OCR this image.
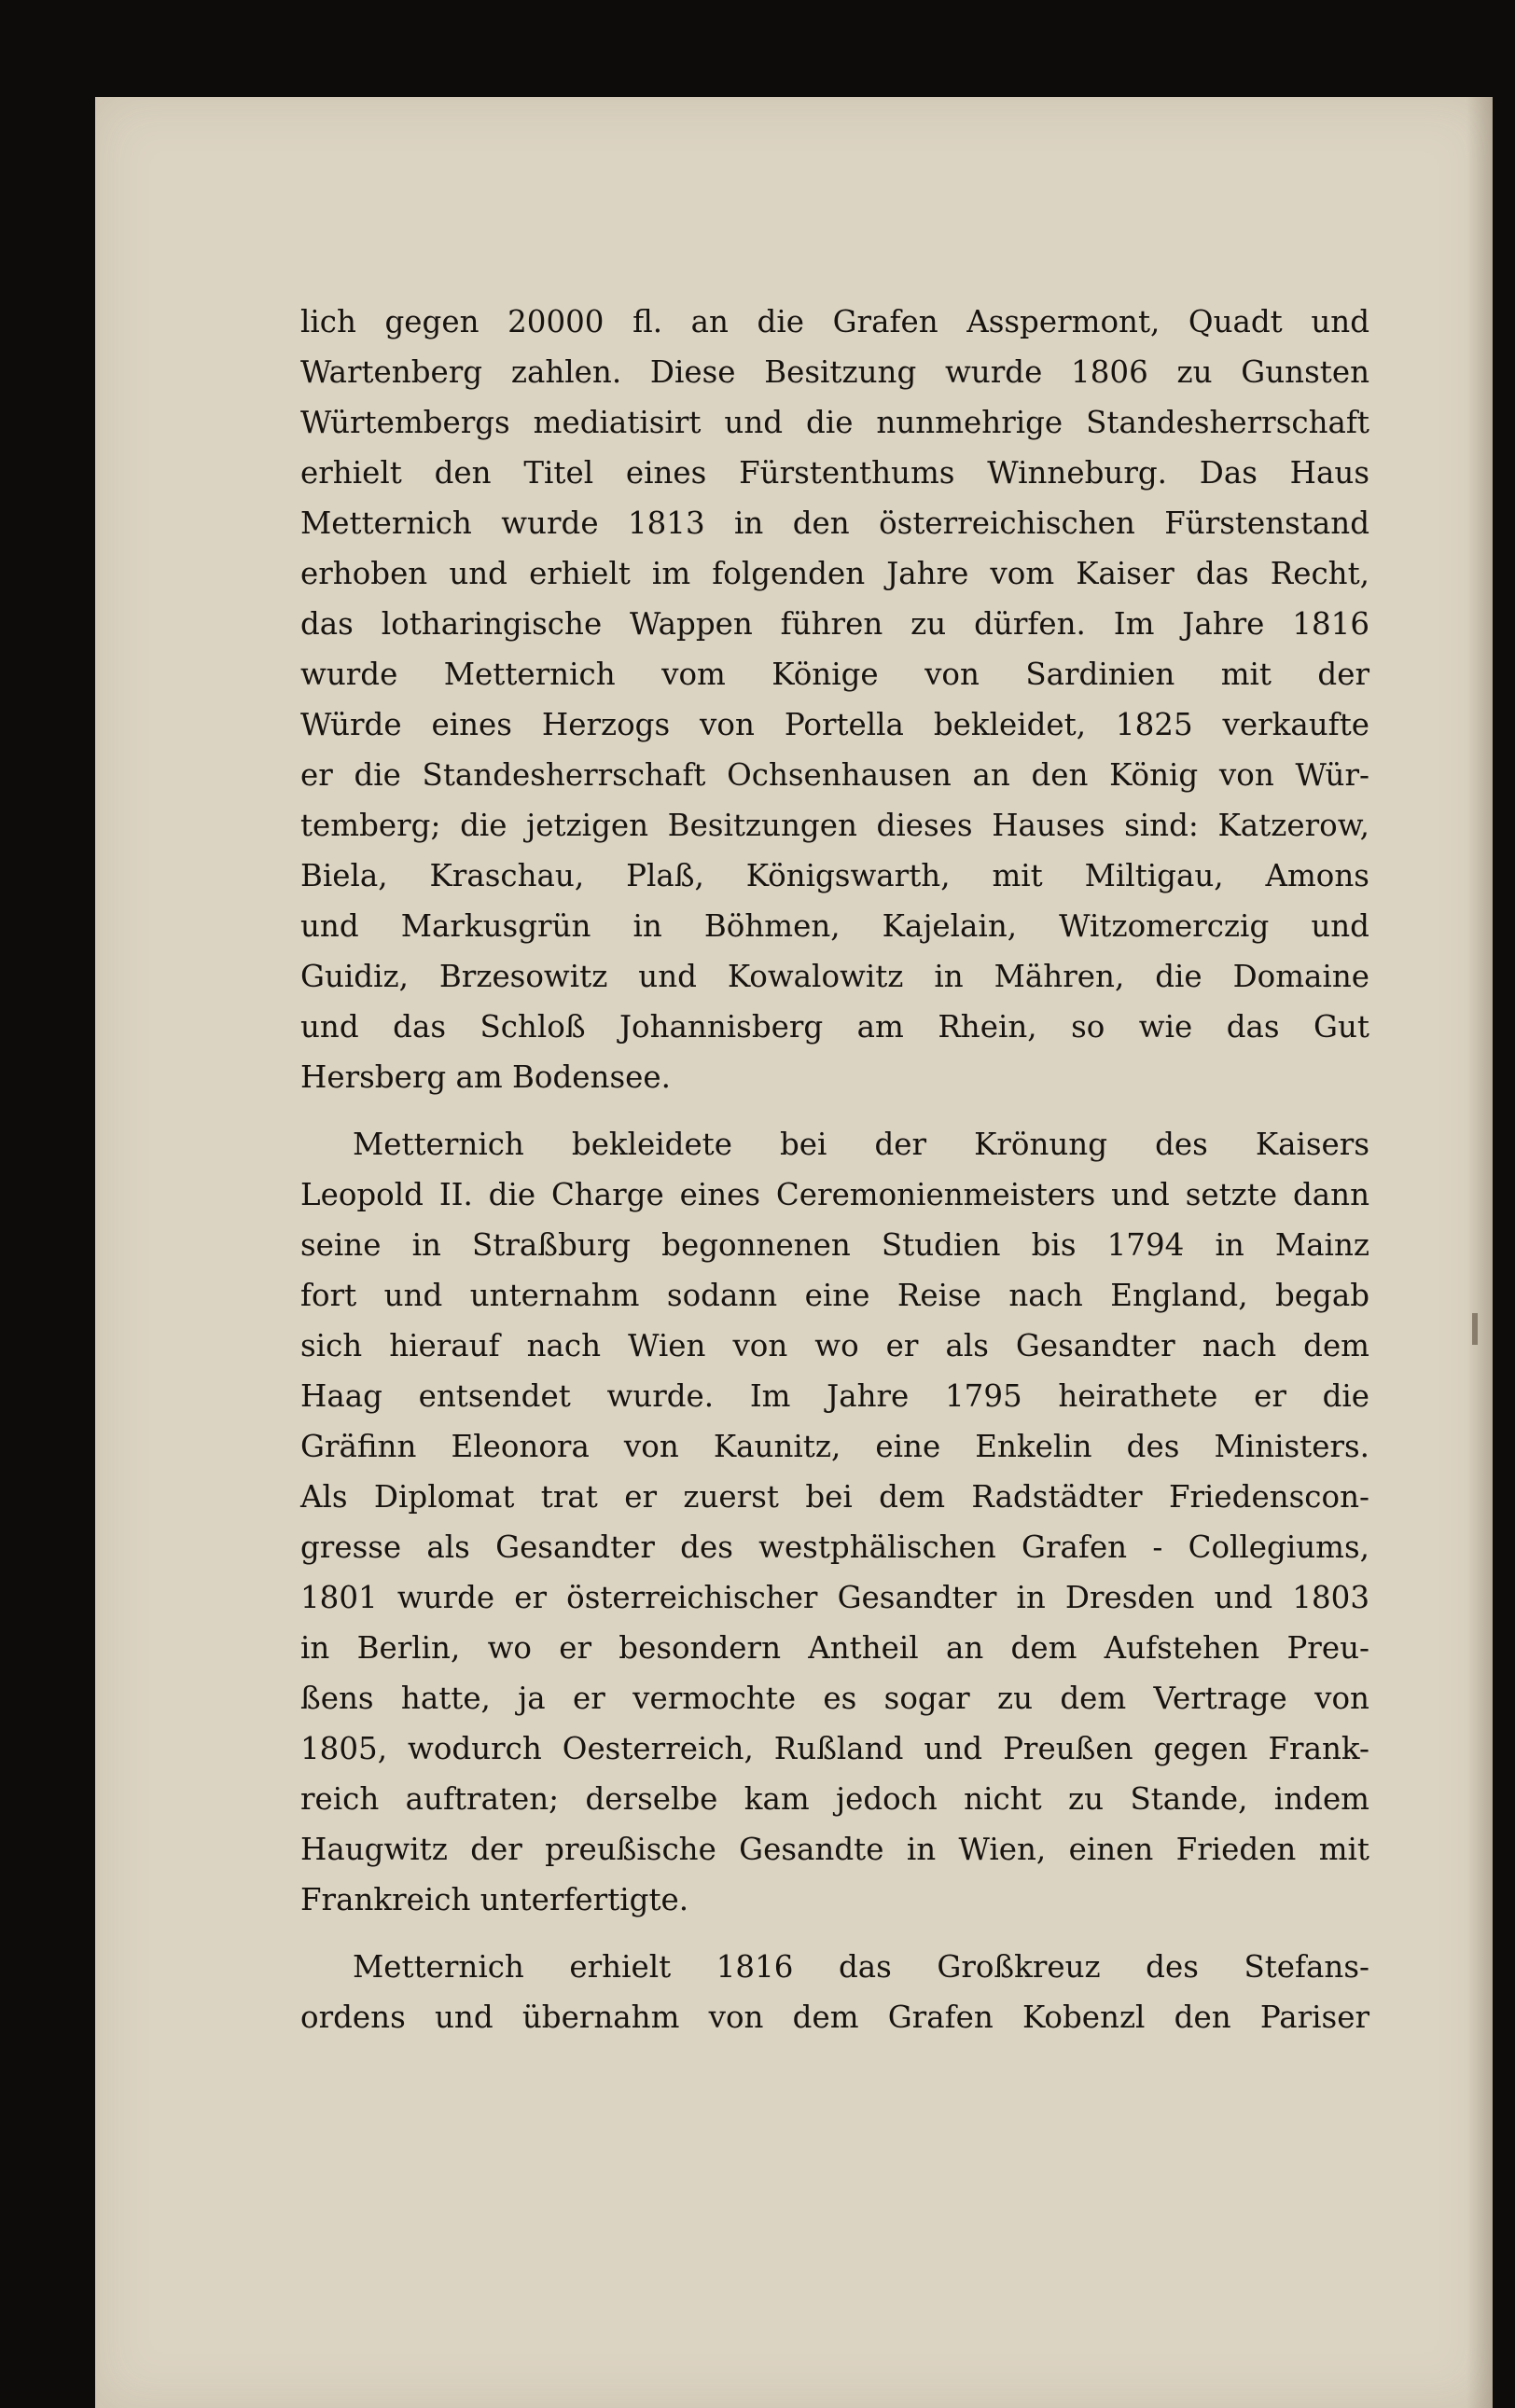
lich gegen 20000 fl. an die Grafen Asspermont, Quadt und
Wartenberg zahlen. Diese Besitzung wurde 1806 zu Gunsten
Würtembergs mediatisirt und die nunmehrige Standesherrschaft
erhielt den Titel eines Fürstenthums Winneburg. Das Haus
Metternich wurde 1813 in den österreichischen Fürstenstand
erhoben und erhielt im folgenden Jahre vom Kaiser das Recht,
das lotharingische Wappen führen zu dürfen. Im Jahre 1816
wurde Metternich vom Könige von Sardinien mit der
Würde eines Herzogs von Portella bekleidet, 1825 verkaufte
er die Standesherrschaft Ochsenhausen an den König von Wür-
temberg; die jetzigen Besitzungen dieses Hauses sind: Katzerow,
Biela, Kraschau, Plaß, Königswarth, mit Miltigau, Amons
und Markusgrün in Böhmen, Kajelain, Witzomerczig und
Guidiz, Brzesowitz und Kowalowitz in Mähren, die Domaine
und das Schloß Johannisberg am Rhein, so wie das Gut
Hersberg am Bodensee.

Metternich bekleidete bei der Krönung des Kaisers
Leopold II. die Charge eines Ceremonienmeisters und setzte dann
seine in Straßburg begonnenen Studien bis 1794 in Mainz
fort und unternahm sodann eine Reise nach England, begab
sich hierauf nach Wien von wo er als Gesandter nach dem
Haag entsendet wurde. Im Jahre 1795 heirathete er die
Gräfinn Eleonora von Kaunitz, eine Enkelin des Ministers.
Als Diplomat trat er zuerst bei dem Radstädter Friedenscon-
gresse als Gesandter des westphälischen Grafen - Collegiums,
1801 wurde er österreichischer Gesandter in Dresden und 1803
in Berlin, wo er besondern Antheil an dem Aufstehen Preu-
ßens hatte, ja er vermochte es sogar zu dem Vertrage von
1805, wodurch Oesterreich, Rußland und Preußen gegen Frank-
reich auftraten; derselbe kam jedoch nicht zu Stande, indem
Haugwitz der preußische Gesandte in Wien, einen Frieden mit
Frankreich unterfertigte.

Metternich erhielt 1816 das Großkreuz des Stefans-
ordens und übernahm von dem Grafen Kobenzl den Pariser
